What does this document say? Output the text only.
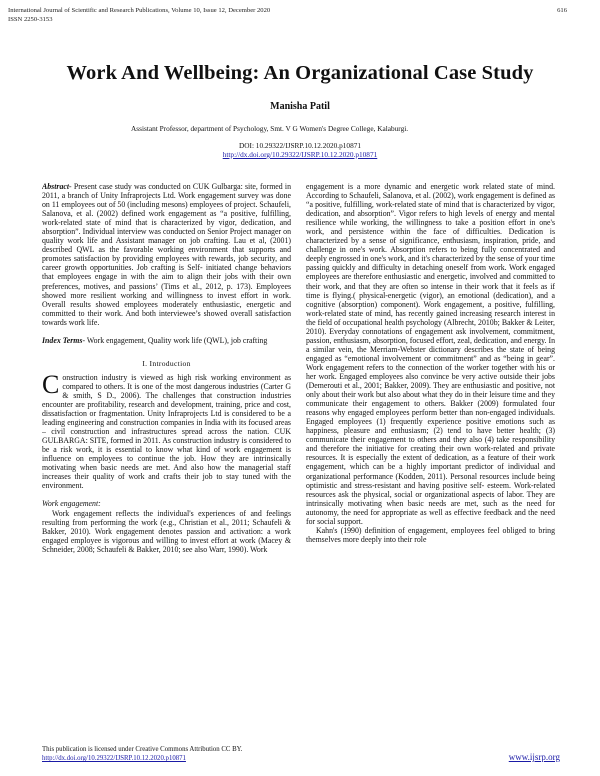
International Journal of Scientific and Research Publications, Volume 10, Issue 12, December 2020
ISSN 2250-3153
616
Work And Wellbeing: An Organizational Case Study
Manisha Patil
Assistant Professor, department of Psychology, Smt. V G Women's Degree College, Kalaburgi.
DOI: 10.29322/IJSRP.10.12.2020.p10871
http://dx.doi.org/10.29322/IJSRP.10.12.2020.p10871

Abstract- Present case study was conducted on CUK Gulbarga: site, formed in 2011, a branch of Unity Infraprojects Ltd. Work engagement survey was done on 11 employees out of 50 (including mesons) employees of project. Schaufeli, Salanova, et al. (2002) defined work engagement as “a positive, fulfilling, work-related state of mind that is characterized by vigor, dedication, and absorption”. Individual interview was conducted on Senior Project manager on quality work life and Assistant manager on job crafting. Lau et al, (2001) described QWL as the favorable working environment that supports and promotes satisfaction by providing employees with rewards, job security, and career growth opportunities. Job crafting is Self- initiated change behaviors that employees engage in with the aim to align their jobs with their own preferences, motives, and passions’ (Tims et al., 2012, p. 173). Employees showed more resilient working and willingness to invest effort in work. Overall results showed employees moderately enthusiastic, energetic and committed to their work. And both interviewee’s showed overall satisfaction towards work life.

Index Terms- Work engagement, Quality work life (QWL), job crafting

I. Introduction

Construction industry is viewed as high risk working environment as compared to others. It is one of the most dangerous industries (Carter G & smith, S D., 2006). The challenges that construction industries encounter are profitability, research and development, training, price and cost, dissatisfaction or fragmentation. Unity Infraprojects Ltd is considered to be a leading engineering and construction companies in India with its focused areas – civil construction and infrastructures spread across the nation. CUK GULBARGA: SITE, formed in 2011. As construction industry is considered to be a risk work, it is essential to know what kind of work engagement is influence on employees to continue the job. How they are intrinsically motivating when basic needs are met. And also how the managerial staff increases their quality of work and crafts their job to stay tuned with the environment.

Work engagement:

Work engagement reflects the individual's experiences of and feelings resulting from performing the work (e.g., Christian et al., 2011; Schaufeli & Bakker, 2010). Work engagement denotes passion and activation: a work engaged employee is vigorous and willing to invest effort at work (Macey & Schneider, 2008; Schaufeli & Bakker, 2010; see also Warr, 1990). Work

engagement is a more dynamic and energetic work related state of mind. According to Schaufeli, Salanova, et al. (2002), work engagement is defined as “a positive, fulfilling, work-related state of mind that is characterized by vigor, dedication, and absorption”. Vigor refers to high levels of energy and mental resilience while working, the willingness to take a position effort in one's work, and persistence within the face of difficulties. Dedication is characterized by a sense of significance, enthusiasm, inspiration, pride, and challenge in one's work. Absorption refers to being fully concentrated and deeply engrossed in one's work, and it's characterized by the sense of your time passing quickly and difficulty in detaching oneself from work. Work engaged employees are therefore enthusiastic and energetic, involved and committed to their work, and that they are often so intense in their work that it feels as if time is flying.( physical-energetic (vigor), an emotional (dedication), and a cognitive (absorption) component). Work engagement, a positive, fulfilling, work-related state of mind, has recently gained increasing research interest in the field of occupational health psychology (Albrecht, 2010b; Bakker & Leiter, 2010). Everyday connotations of engagement ask involvement, commitment, passion, enthusiasm, absorption, focused effort, zeal, dedication, and energy. In a similar vein, the Merriam-Webster dictionary describes the state of being engaged as “emotional involvement or commitment” and as “being in gear”. Work engagement refers to the connection of the worker together with his or her work. Engaged employees also convince be very active outside their jobs (Demerouti et al., 2001; Bakker, 2009). They are enthusiastic and positive, not only about their work but also about what they do in their leisure time and they communicate their engagement to others. Bakker (2009) formulated four reasons why engaged employees perform better than non-engaged individuals. Engaged employees (1) frequently experience positive emotions such as happiness, pleasure and enthusiasm; (2) tend to have better health; (3) communicate their engagement to others and they also (4) take responsibility and therefore the initiative for creating their own work-related and private resources. It is especially the extent of dedication, as a feature of their work engagement, which can be a highly important predictor of individual and organizational performance (Kodden, 2011). Personal resources include being optimistic and stress-resistant and having positive self- esteem. Work-related resources ask the physical, social or organizational aspects of labor. They are intrinsically motivating when basic needs are met, such as the need for autonomy, the need for appropriate as well as effective feedback and the need for social support.

Kahn's (1990) definition of engagement, employees feel obliged to bring themselves more deeply into their role

This publication is licensed under Creative Commons Attribution CC BY.
http://dx.doi.org/10.29322/IJSRP.10.12.2020.p10871	www.ijsrp.org
